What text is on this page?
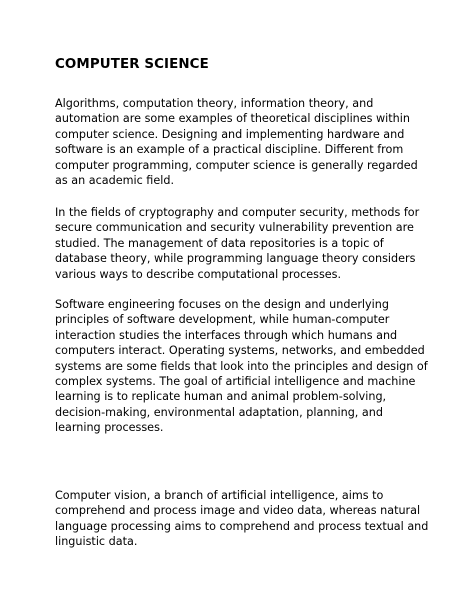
COMPUTER SCIENCE

Algorithms, computation theory, information theory, and
automation are some examples of theoretical disciplines within
computer science. Designing and implementing hardware and
software is an example of a practical discipline. Different from
computer programming, computer science is generally regarded
as an academic field.

In the fields of cryptography and computer security, methods for
secure communication and security vulnerability prevention are
studied. The management of data repositories is a topic of
database theory, while programming language theory considers
various ways to describe computational processes.

Software engineering focuses on the design and underlying
principles of software development, while human-computer
interaction studies the interfaces through which humans and
computers interact. Operating systems, networks, and embedded
systems are some fields that look into the principles and design of
complex systems. The goal of artificial intelligence and machine
learning is to replicate human and animal problem-solving,
decision-making, environmental adaptation, planning, and
learning processes.

Computer vision, a branch of artificial intelligence, aims to
comprehend and process image and video data, whereas natural
language processing aims to comprehend and process textual and
linguistic data.
